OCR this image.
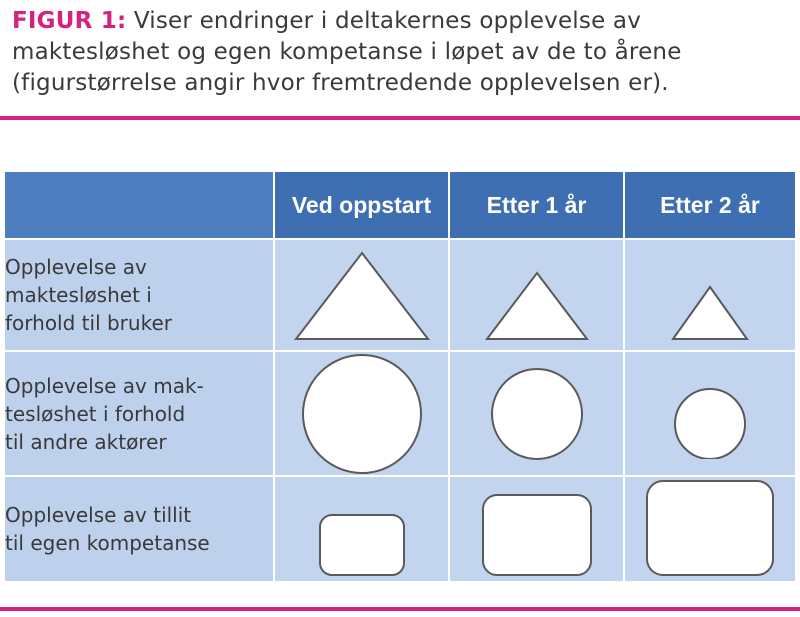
FIGUR 1: Viser endringer i deltakernes opplevelse av maktesløshet og egen kompetanse i løpet av de to årene (figurstørrelse angir hvor fremtredende opplevelsen er).
	Ved oppstart	Etter 1 år	Etter 2 år
Opplevelse av
maktesløshet i
forhold til bruker	

Opplevelse av mak-
tesløshet i forhold
til andre aktører	

Opplevelse av tillit
til egen kompetanse	
